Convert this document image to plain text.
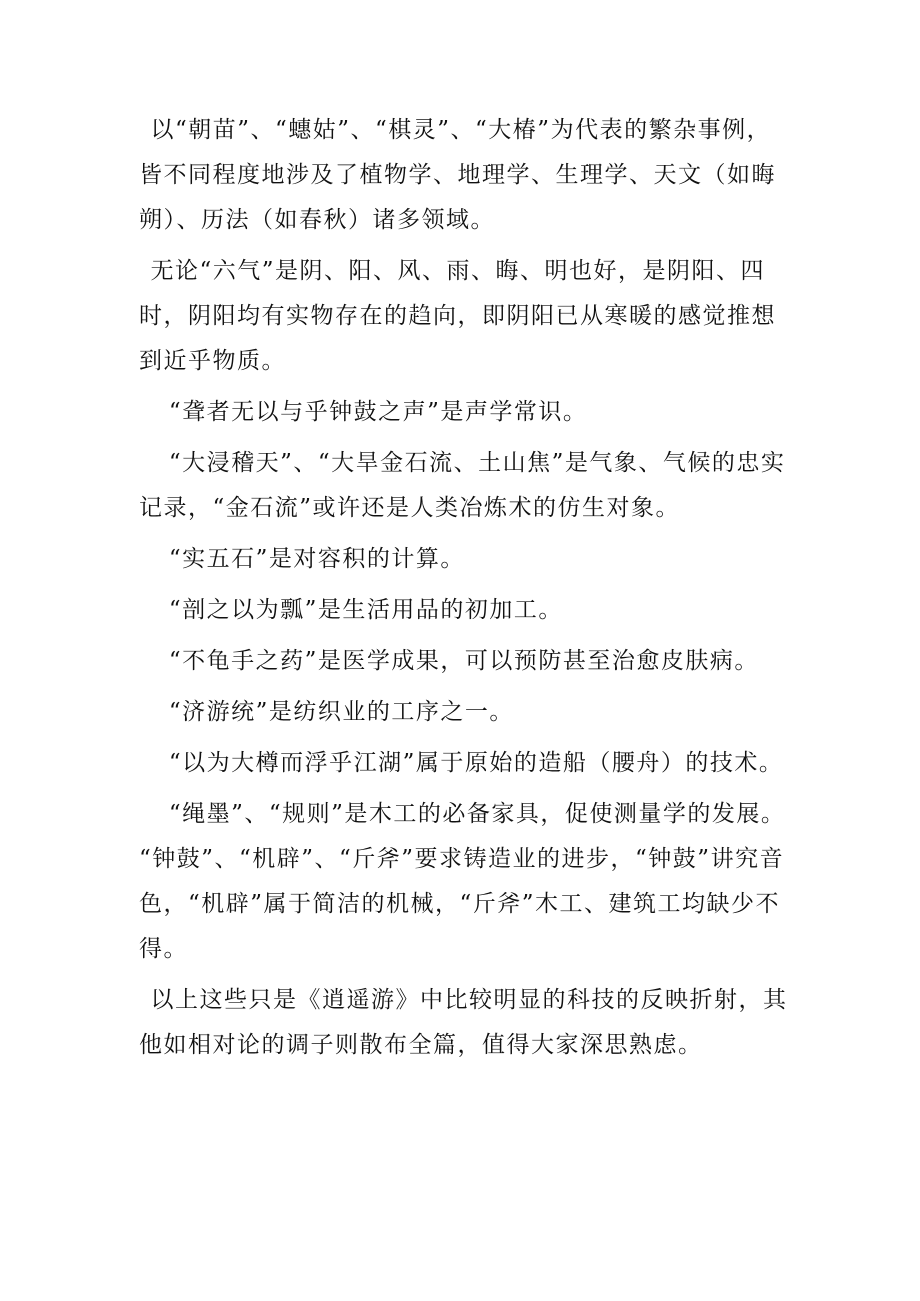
以“朝苗”、“蟪姑”、“棋灵”、“大椿”为代表的繁杂事例，皆不同程度地涉及了植物学、地理学、生理学、天文（如晦朔）、历法（如春秋）诸多领域。

无论“六气”是阴、阳、风、雨、晦、明也好，是阴阳、四时，阴阳均有实物存在的趋向，即阴阳已从寒暖的感觉推想到近乎物质。

“聋者无以与乎钟鼓之声”是声学常识。

“大浸稽天”、“大旱金石流、土山焦”是气象、气候的忠实记录，“金石流”或许还是人类冶炼术的仿生对象。

“实五石”是对容积的计算。

“剖之以为瓢”是生活用品的初加工。

“不龟手之药”是医学成果，可以预防甚至治愈皮肤病。

“济游统”是纺织业的工序之一。

“以为大樽而浮乎江湖”属于原始的造船（腰舟）的技术。

“绳墨”、“规则”是木工的必备家具，促使测量学的发展。

“钟鼓”、“机辟”、“斤斧”要求铸造业的进步，“钟鼓”讲究音色，“机辟”属于简洁的机械，“斤斧”木工、建筑工均缺少不得。

以上这些只是《逍遥游》中比较明显的科技的反映折射，其他如相对论的调子则散布全篇，值得大家深思熟虑。
